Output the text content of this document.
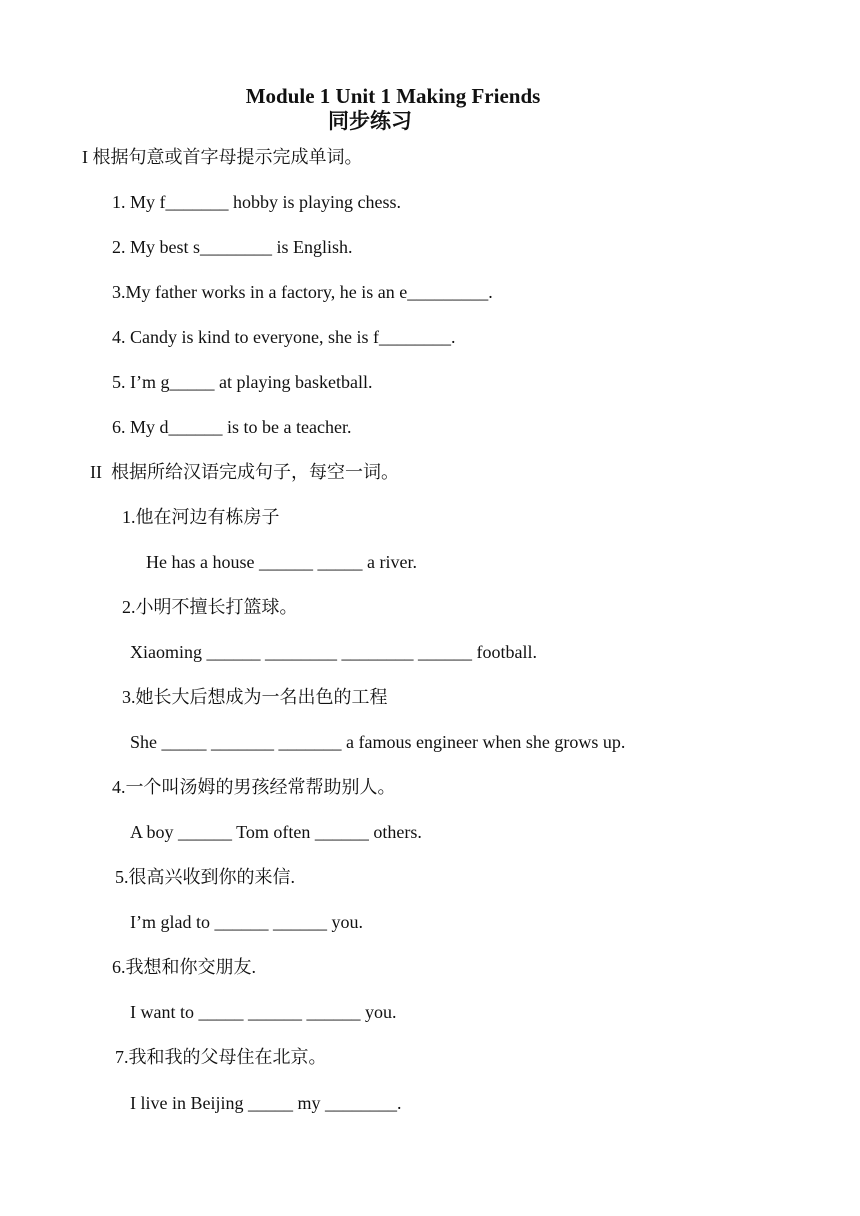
Module 1 Unit 1 Making Friends
同步练习
I 根据句意或首字母提示完成单词。
1. My f_______ hobby is playing chess.
2. My best s________ is English.
3.My father works in a factory, he is an e_________.
4. Candy is kind to everyone, she is f________.
5. I’m g_____ at playing basketball.
6. My d______ is to be a teacher.
II  根据所给汉语完成句子，每空一词。
1.他在河边有栋房子
He has a house ______ _____ a river.
2.小明不擅长打篮球。
Xiaoming ______ ________ ________ ______ football.
3.她长大后想成为一名出色的工程
She _____ _______ _______ a famous engineer when she grows up.
4.一个叫汤姆的男孩经常帮助别人。
A boy ______ Tom often ______ others.
5.很高兴收到你的来信.
I’m glad to ______ ______ you.
6.我想和你交朋友.
I want to _____ ______ ______ you.
7.我和我的父母住在北京。
I live in Beijing _____ my ________.
